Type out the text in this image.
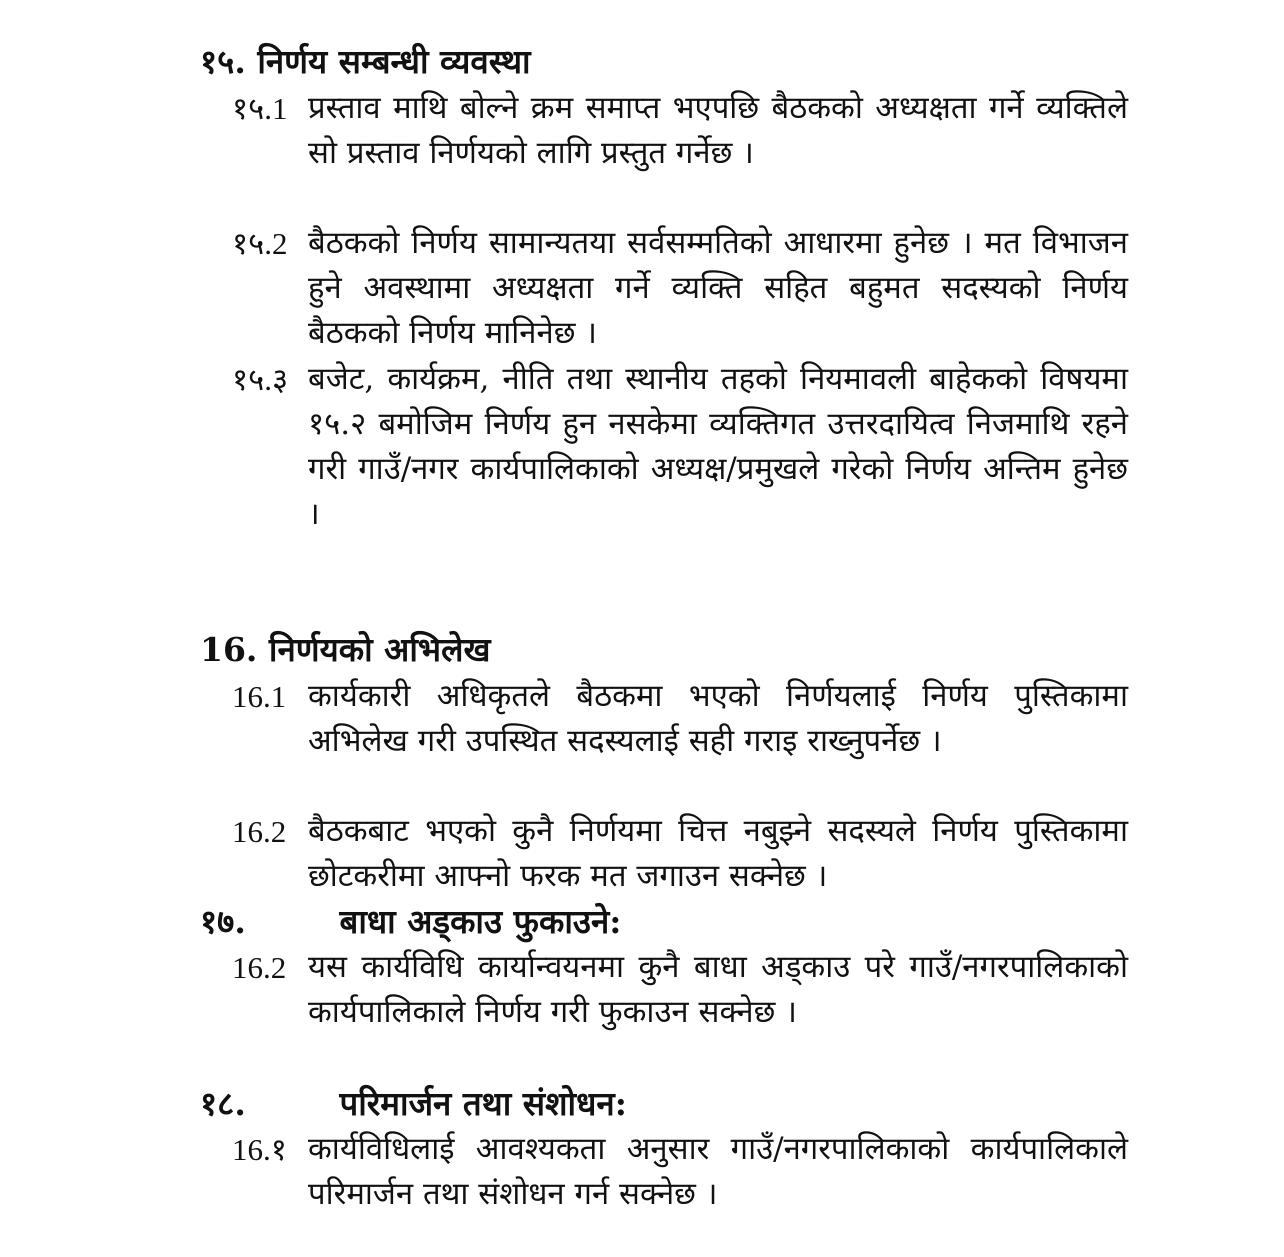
१५. निर्णय सम्बन्धी व्यवस्था
१५.1 प्रस्ताव माथि बोल्ने क्रम समाप्त भएपछि बैठकको अध्यक्षता गर्ने व्यक्तिले सो प्रस्ताव निर्णयको लागि प्रस्तुत गर्नेछ ।
१५.2 बैठकको निर्णय सामान्यतया सर्वसम्मतिको आधारमा हुनेछ । मत विभाजन हुने अवस्थामा अध्यक्षता गर्ने व्यक्ति सहित बहुमत सदस्यको निर्णय बैठकको निर्णय मानिनेछ ।
१५.३ बजेट, कार्यक्रम, नीति तथा स्थानीय तहको नियमावली बाहेकको विषयमा १५.२ बमोजिम निर्णय हुन नसकेमा व्यक्तिगत उत्तरदायित्व निजमाथि रहने गरी गाउँ/नगर कार्यपालिकाको अध्यक्ष/प्रमुखले गरेको निर्णय अन्तिम हुनेछ ।
16. निर्णयको अभिलेख
16.1 कार्यकारी अधिकृतले बैठकमा भएको निर्णयलाई निर्णय पुस्तिकामा अभिलेख गरी उपस्थित सदस्यलाई सही गराइ राख्नुपर्नेछ ।
16.2 बैठकबाट भएको कुनै निर्णयमा चित्त नबुझ्ने सदस्यले निर्णय पुस्तिकामा छोटकरीमा आफ्नो फरक मत जगाउन सक्नेछ ।
१७.	बाधा अड्काउ फुकाउने:
16.2 यस कार्यविधि कार्यान्वयनमा कुनै बाधा अड्काउ परे गाउँ/नगरपालिकाको कार्यपालिकाले निर्णय गरी फुकाउन सक्नेछ ।
१८.	परिमार्जन तथा संशोधन:
16.१ कार्यविधिलाई आवश्यकता अनुसार गाउँ/नगरपालिकाको कार्यपालिकाले परिमार्जन तथा संशोधन गर्न सक्नेछ ।
